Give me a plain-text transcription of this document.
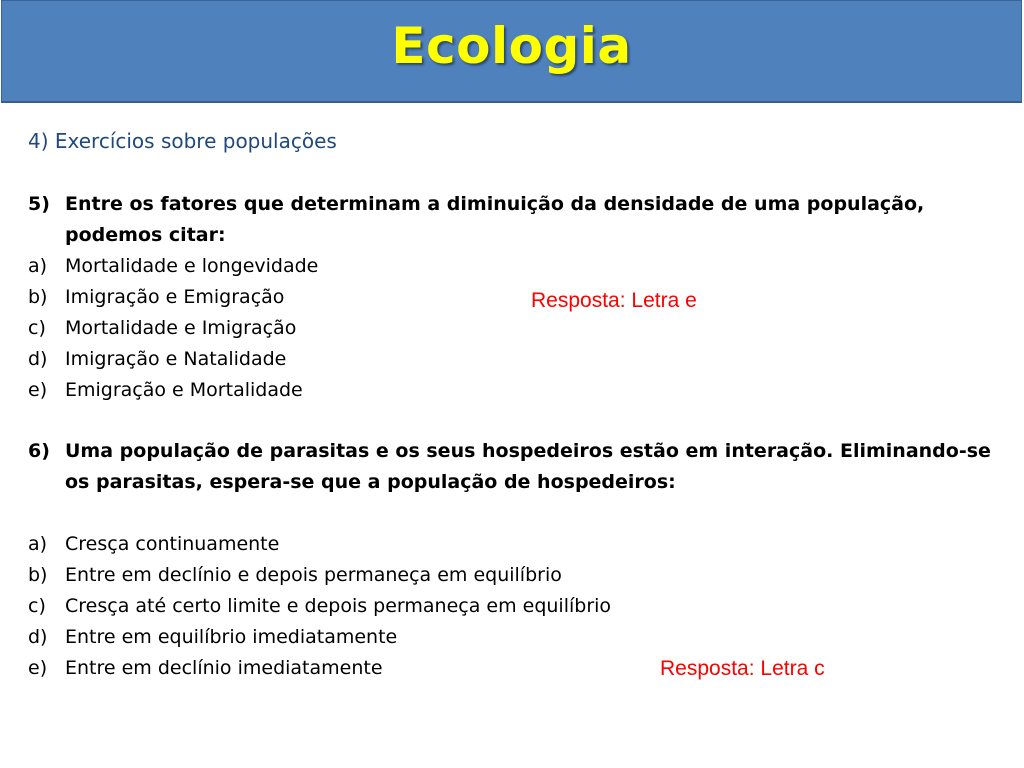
Ecologia
4) Exercícios sobre populações
5) Entre os fatores que determinam a diminuição da densidade de uma população,
podemos citar:
a) Mortalidade e longevidade
b) Imigração e Emigração
c) Mortalidade e Imigração
d) Imigração e Natalidade
e) Emigração e Mortalidade
Resposta: Letra e
6) Uma população de parasitas e os seus hospedeiros estão em interação. Eliminando-se
os parasitas, espera-se que a população de hospedeiros:
a) Cresça continuamente
b) Entre em declínio e depois permaneça em equilíbrio
c) Cresça até certo limite e depois permaneça em equilíbrio
d) Entre em equilíbrio imediatamente
e) Entre em declínio imediatamente	Resposta: Letra c
